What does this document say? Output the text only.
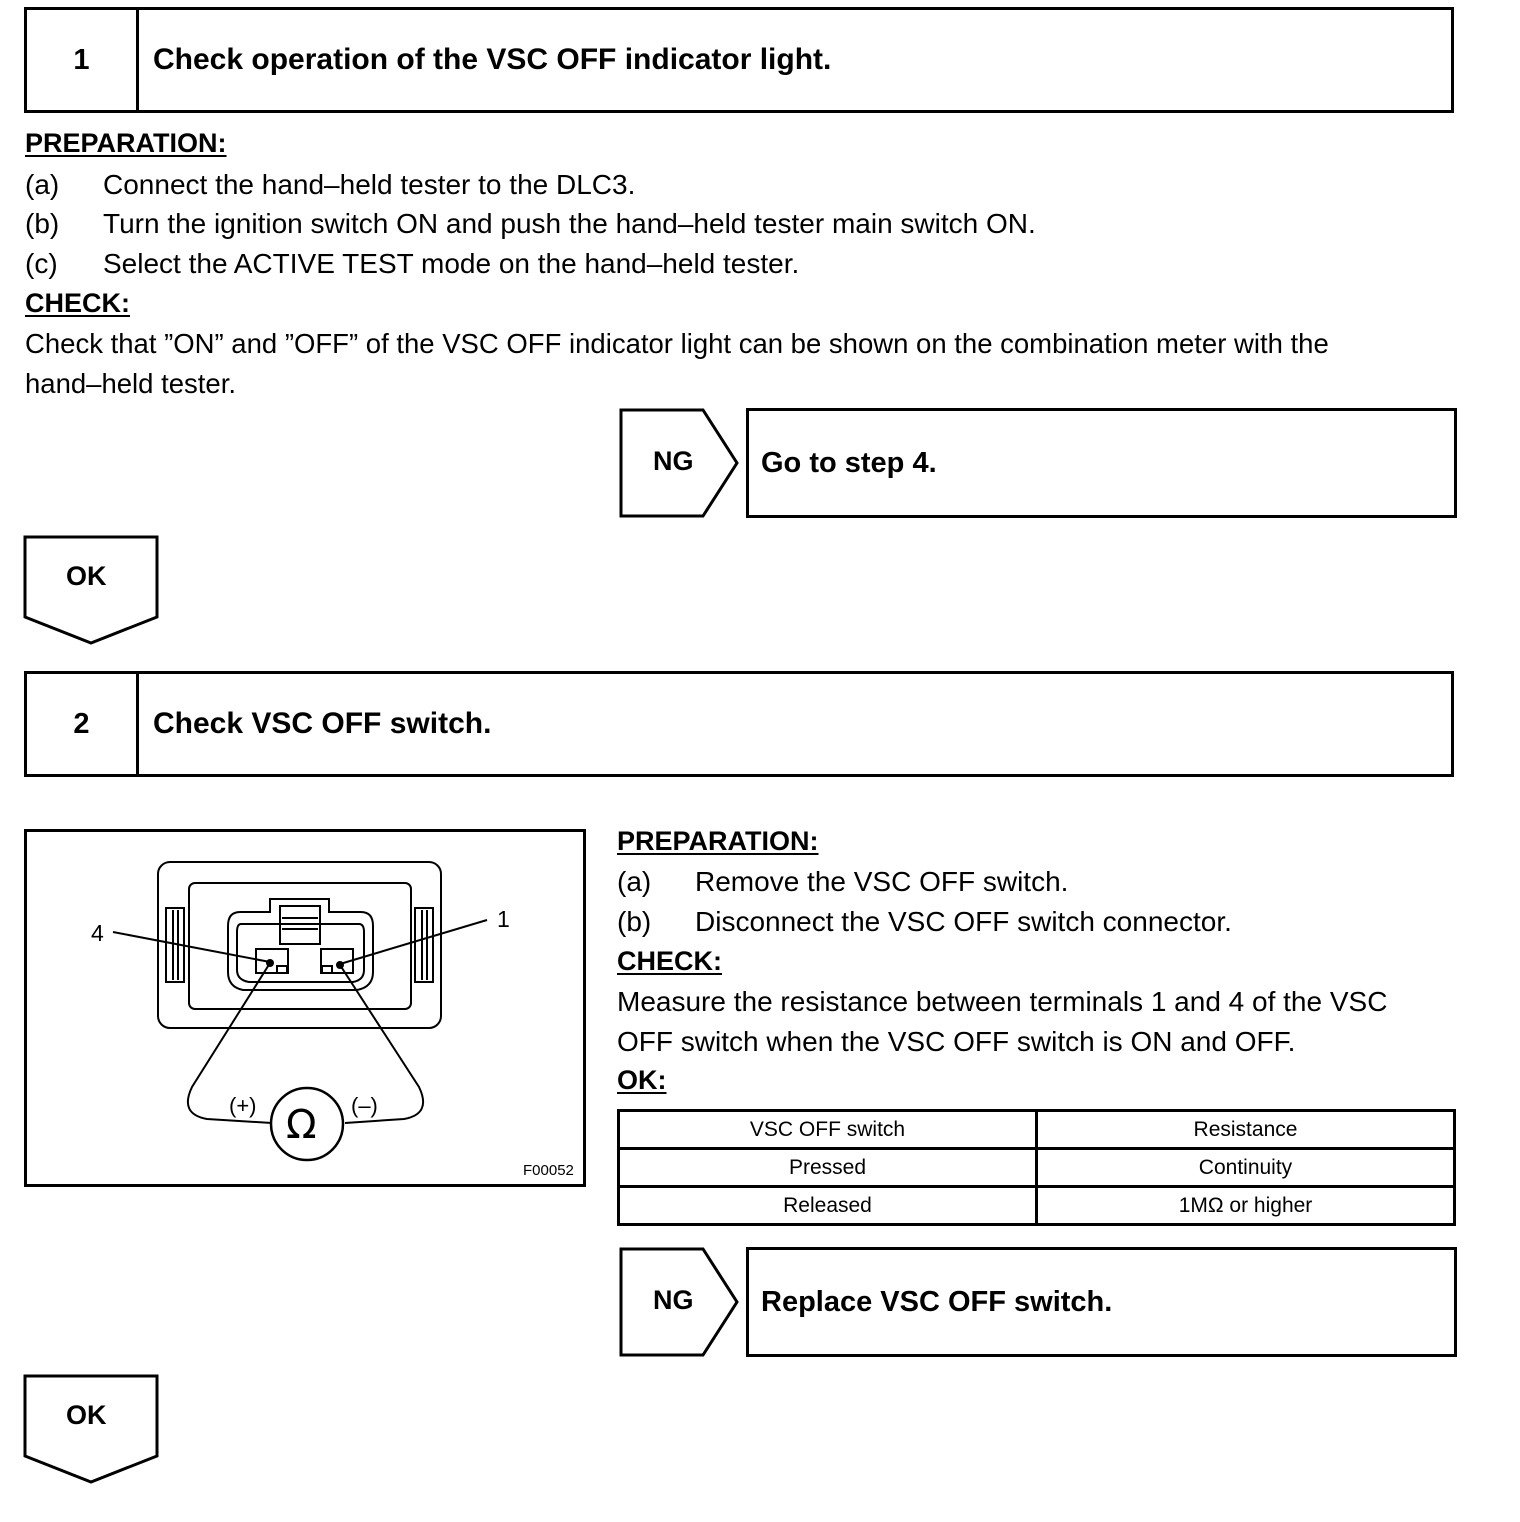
1	Check operation of the VSC OFF indicator light.
PREPARATION:
(a) Connect the hand–held tester to the DLC3.
(b) Turn the ignition switch ON and push the hand–held tester main switch ON.
(c) Select the ACTIVE TEST mode on the hand–held tester.
CHECK:
Check that ”ON” and ”OFF” of the VSC OFF indicator light can be shown on the combination meter with the
hand–held tester.
NG	Go to step 4.
OK
2	Check VSC OFF switch.
4
1
(+)	(–)
Ω
F00052
PREPARATION:
(a) Remove the VSC OFF switch.
(b) Disconnect the VSC OFF switch connector.
CHECK:
Measure the resistance between terminals 1 and 4 of the VSC
OFF switch when the VSC OFF switch is ON and OFF.
OK:
VSC OFF switch	Resistance
Pressed	Continuity
Released	1MΩ or higher
NG	Replace VSC OFF switch.
OK
